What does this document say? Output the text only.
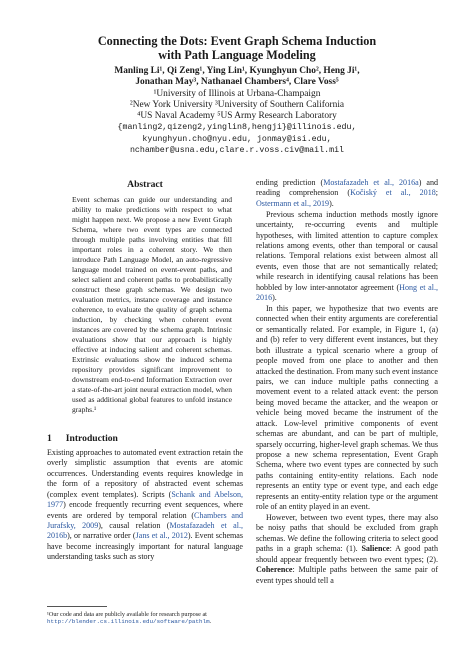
Connecting the Dots: Event Graph Schema Induction
with Path Language Modeling
Manling Li¹, Qi Zeng¹, Ying Lin¹, Kyunghyun Cho², Heng Ji¹,
Jonathan May³, Nathanael Chambers⁴, Clare Voss⁵
¹University of Illinois at Urbana-Champaign
²New York University ³University of Southern California
⁴US Naval Academy ⁵US Army Research Laboratory
{manling2,qizeng2,yinglin8,hengji}@illinois.edu,
kyunghyun.cho@nyu.edu, jonmay@isi.edu,
nchamber@usna.edu,clare.r.voss.civ@mail.mil
Abstract

Event schemas can guide our understanding and ability to make predictions with respect to what might happen next. We propose a new Event Graph Schema, where two event types are connected through multiple paths involving entities that fill important roles in a coherent story. We then introduce Path Language Model, an auto-regressive language model trained on event-event paths, and select salient and coherent paths to probabilistically construct these graph schemas. We design two evaluation metrics, instance coverage and instance coherence, to evaluate the quality of graph schema induction, by checking when coherent event instances are covered by the schema graph. Intrinsic evaluations show that our approach is highly effective at inducing salient and coherent schemas. Extrinsic evaluations show the induced schema repository provides significant improvement to downstream end-to-end Information Extraction over a state-of-the-art joint neural extraction model, when used as additional global features to unfold instance graphs.¹

1 Introduction

Existing approaches to automated event extraction retain the overly simplistic assumption that events are atomic occurrences. Understanding events requires knowledge in the form of a repository of abstracted event schemas (complex event templates). Scripts (Schank and Abelson, 1977) encode frequently recurring event sequences, where events are ordered by temporal relation (Chambers and Jurafsky, 2009), causal relation (Mostafazadeh et al., 2016b), or narrative order (Jans et al., 2012). Event schemas have become increasingly important for natural language understanding tasks such as story

¹Our code and data are publicly available for research purpose at http://blender.cs.illinois.edu/software/pathlm.

ending prediction (Mostafazadeh et al., 2016a) and reading comprehension (Kočiský et al., 2018; Ostermann et al., 2019).

Previous schema induction methods mostly ignore uncertainty, re-occurring events and multiple hypotheses, with limited attention to capture complex relations among events, other than temporal or causal relations. Temporal relations exist between almost all events, even those that are not semantically related; while research in identifying causal relations has been hobbled by low inter-annotator agreement (Hong et al., 2016).

In this paper, we hypothesize that two events are connected when their entity arguments are coreferential or semantically related. For example, in Figure 1, (a) and (b) refer to very different event instances, but they both illustrate a typical scenario where a group of people moved from one place to another and then attacked the destination. From many such event instance pairs, we can induce multiple paths connecting a movement event to a related attack event: the person being moved became the attacker, and the weapon or vehicle being moved became the instrument of the attack. Low-level primitive components of event schemas are abundant, and can be part of multiple, sparsely occurring, higher-level graph schemas. We thus propose a new schema representation, Event Graph Schema, where two event types are connected by such paths containing entity-entity relations. Each node represents an entity type or event type, and each edge represents an entity-entity relation type or the argument role of an entity played in an event.

However, between two event types, there may also be noisy paths that should be excluded from graph schemas. We define the following criteria to select good paths in a graph schema: (1). Salience: A good path should appear frequently between two event types; (2). Coherence: Multiple paths between the same pair of event types should tell a
